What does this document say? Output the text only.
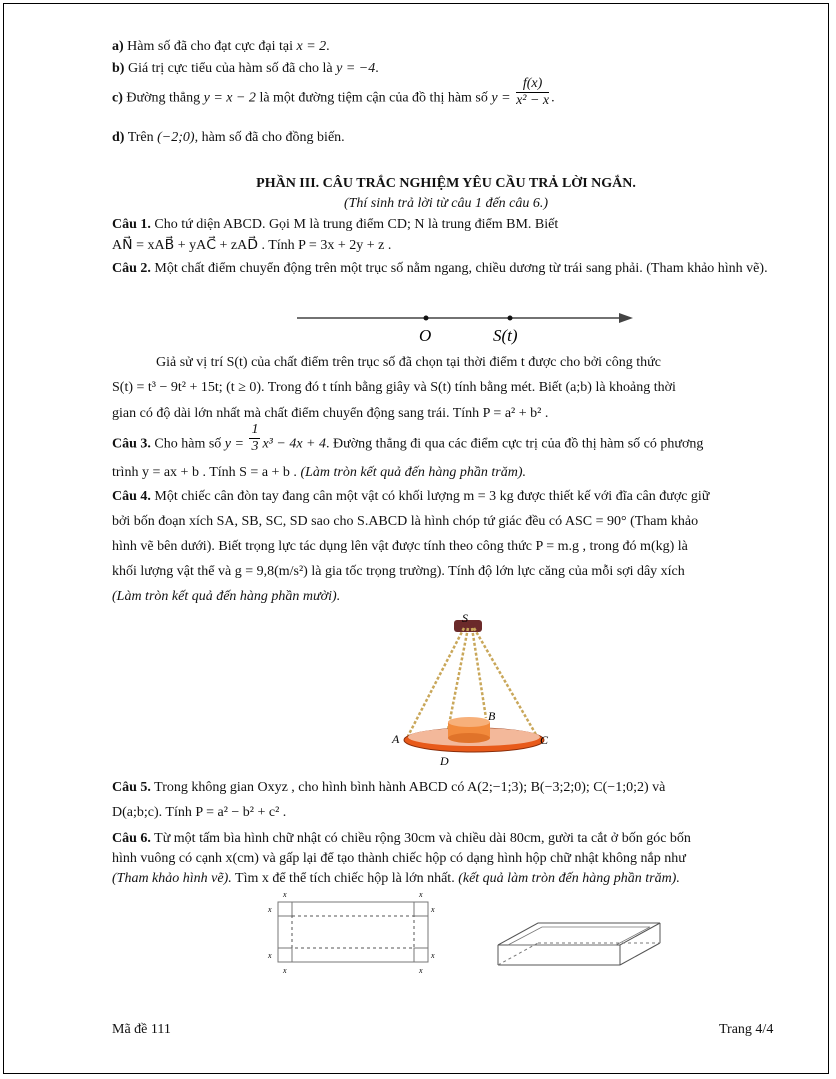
a) Hàm số đã cho đạt cực đại tại x = 2.
b) Giá trị cực tiểu của hàm số đã cho là y = −4.
c) Đường thẳng y = x − 2 là một đường tiệm cận của đồ thị hàm số $y = \frac{f(x)}{\text{x² − x}}$ .
d) Trên (−2;0), hàm số đã cho đồng biến.
PHẦN III. CÂU TRẮC NGHIỆM YÊU CẦU TRẢ LỜI NGẮN.
(Thí sinh trả lời từ câu 1 đến câu 6.)
Câu 1. Cho tứ diện ABCD. Gọi M là trung điểm CD; N là trung điểm BM. Biết
AN⃗ = xAB⃗ + yAC⃗ + zAD⃗ . Tính P = 3x + 2y + z .
Câu 2. Một chất điểm chuyển động trên một trục số nằm ngang, chiều dương từ trái sang phải. (Tham khảo hình vẽ).
O	S(t)
Giả sử vị trí S(t) của chất điểm trên trục số đã chọn tại thời điểm t được cho bởi công thức
S(t) = t³ − 9t² + 15t; (t ≥ 0). Trong đó t tính bằng giây và S(t) tính bằng mét. Biết (a;b) là khoảng thời
gian có độ dài lớn nhất mà chất điểm chuyển động sang trái. Tính P = a² + b² .
Câu 3. Cho hàm số $y = \frac{1}{3} x^3 - 4x + 4$. Đường thẳng đi qua các điểm cực trị của đồ thị hàm số có phương
trình y = ax + b . Tính S = a + b . (Làm tròn kết quả đến hàng phần trăm).
Câu 4. Một chiếc cân đòn tay đang cân một vật có khối lượng m = 3 kg được thiết kế với đĩa cân được giữ
bởi bốn đoạn xích SA, SB, SC, SD sao cho S.ABCD là hình chóp tứ giác đều có ASC = 90° (Tham khảo
hình vẽ bên dưới). Biết trọng lực tác dụng lên vật được tính theo công thức P = m.g , trong đó m(kg) là
khối lượng vật thể và g = 9,8(m/s²) là gia tốc trọng trường). Tính độ lớn lực căng của mỗi sợi dây xích
(Làm tròn kết quả đến hàng phần mười).
S
A
B
C
D
Câu 5. Trong không gian Oxyz , cho hình bình hành ABCD có A(2;−1;3); B(−3;2;0); C(−1;0;2) và
D(a;b;c). Tính P = a² − b² + c² .
Câu 6. Từ một tấm bìa hình chữ nhật có chiều rộng 30cm và chiều dài 80cm, gười ta cắt ở bốn góc bốn
hình vuông có cạnh x(cm) và gấp lại để tạo thành chiếc hộp có dạng hình hộp chữ nhật không nắp như
(Tham khảo hình vẽ). Tìm x để thể tích chiếc hộp là lớn nhất. (kết quả làm tròn đến hàng phần trăm).
x	x
x	x
x	x
x	x
Mã đề 111	Trang 4/4
